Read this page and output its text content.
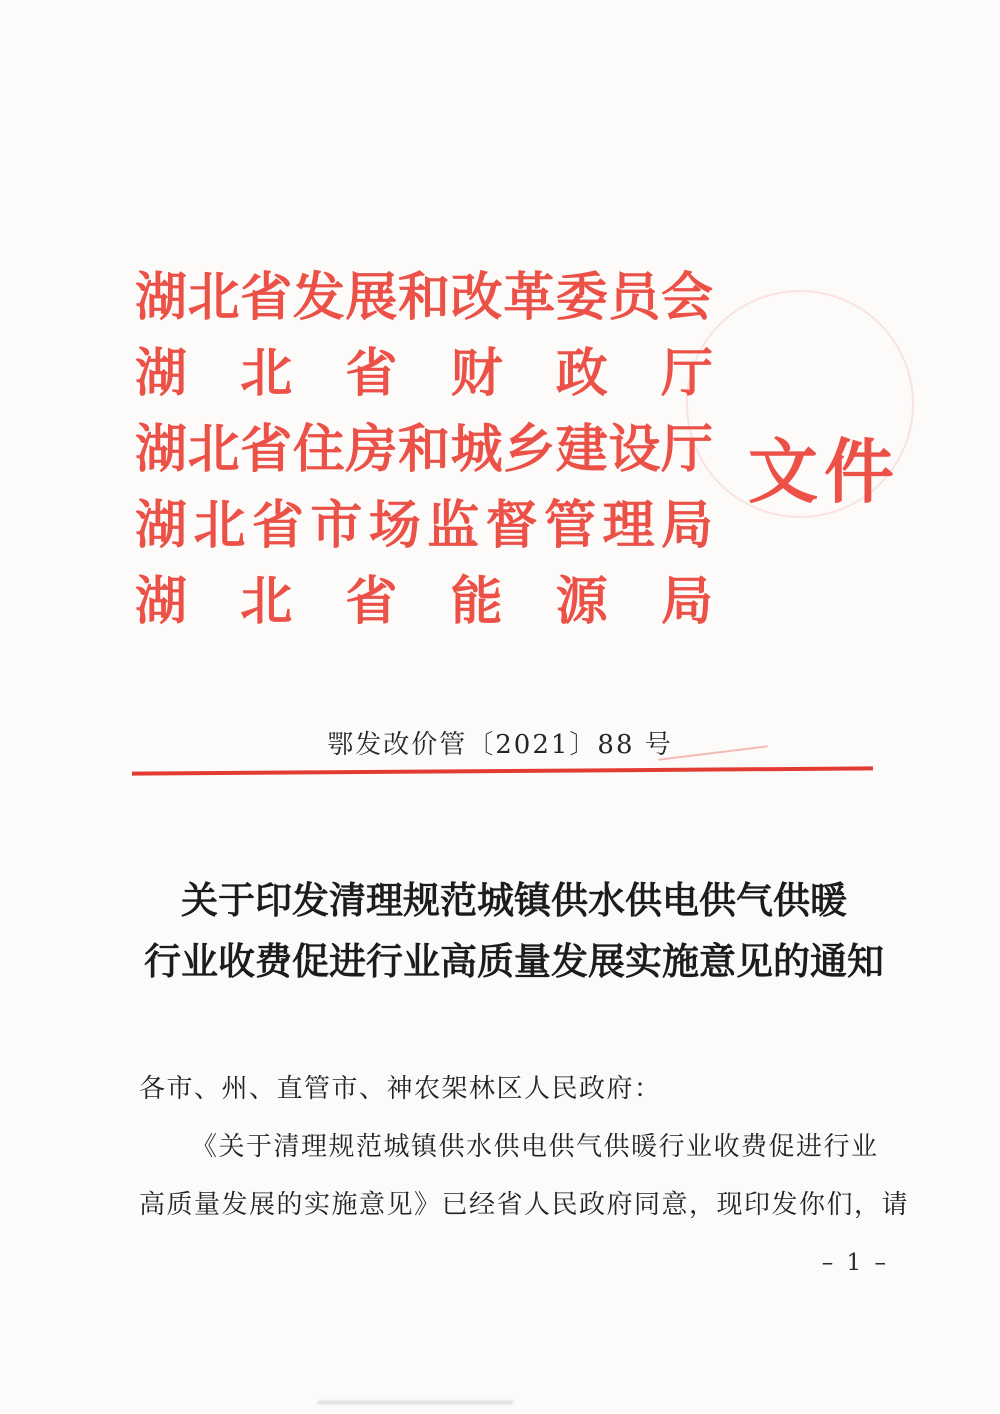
湖北省发展和改革委员会
湖北省财政厅
湖北省住房和城乡建设厅
湖北省市场监督管理局
湖北省能源局
文件
鄂发改价管〔2021〕88 号
关于印发清理规范城镇供水供电供气供暖
行业收费促进行业高质量发展实施意见的通知
各市、州、直管市、神农架林区人民政府：
《关于清理规范城镇供水供电供气供暖行业收费促进行业
高质量发展的实施意见》已经省人民政府同意，现印发你们，请
– 1 –
